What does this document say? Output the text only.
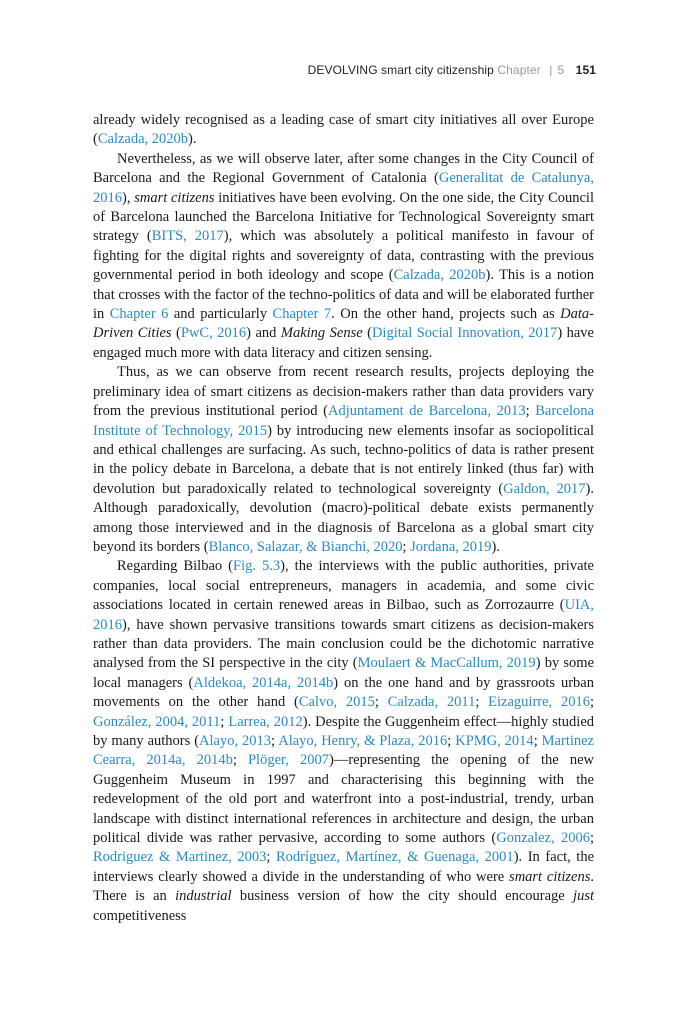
DEVOLVING smart city citizenship Chapter | 5 151

already widely recognised as a leading case of smart city initiatives all over Europe (Calzada, 2020b).

Nevertheless, as we will observe later, after some changes in the City Council of Barcelona and the Regional Government of Catalonia (Generalitat de Catalunya, 2016), smart citizens initiatives have been evolving. On the one side, the City Council of Barcelona launched the Barcelona Initiative for Technological Sovereignty smart strategy (BITS, 2017), which was absolutely a political manifesto in favour of fighting for the digital rights and sovereignty of data, contrasting with the previous governmental period in both ideology and scope (Calzada, 2020b). This is a notion that crosses with the factor of the techno-politics of data and will be elaborated further in Chapter 6 and particularly Chapter 7. On the other hand, projects such as Data-Driven Cities (PwC, 2016) and Making Sense (Digital Social Innovation, 2017) have engaged much more with data literacy and citizen sensing.

Thus, as we can observe from recent research results, projects deploying the preliminary idea of smart citizens as decision-makers rather than data providers vary from the previous institutional period (Adjuntament de Barcelona, 2013; Barcelona Institute of Technology, 2015) by introducing new elements insofar as sociopolitical and ethical challenges are surfacing. As such, techno-politics of data is rather present in the policy debate in Barcelona, a debate that is not entirely linked (thus far) with devolution but paradoxically related to technological sovereignty (Galdon, 2017). Although paradoxically, devolution (macro)-political debate exists permanently among those interviewed and in the diagnosis of Barcelona as a global smart city beyond its borders (Blanco, Salazar, & Bianchi, 2020; Jordana, 2019).

Regarding Bilbao (Fig. 5.3), the interviews with the public authorities, private companies, local social entrepreneurs, managers in academia, and some civic associations located in certain renewed areas in Bilbao, such as Zorrozaurre (UIA, 2016), have shown pervasive transitions towards smart citizens as decision-makers rather than data providers. The main conclusion could be the dichotomic narrative analysed from the SI perspective in the city (Moulaert & MacCallum, 2019) by some local managers (Aldekoa, 2014a, 2014b) on the one hand and by grassroots urban movements on the other hand (Calvo, 2015; Calzada, 2011; Eizaguirre, 2016; González, 2004, 2011; Larrea, 2012). Despite the Guggenheim effect—highly studied by many authors (Alayo, 2013; Alayo, Henry, & Plaza, 2016; KPMG, 2014; Martinez Cearra, 2014a, 2014b; Plöger, 2007)—representing the opening of the new Guggenheim Museum in 1997 and characterising this beginning with the redevelopment of the old port and waterfront into a post-industrial, trendy, urban landscape with distinct international references in architecture and design, the urban political divide was rather pervasive, according to some authors (Gonzalez, 2006; Rodriguez & Martinez, 2003; Rodríguez, Martínez, & Guenaga, 2001). In fact, the interviews clearly showed a divide in the understanding of who were smart citizens. There is an industrial business version of how the city should encourage just competitiveness
